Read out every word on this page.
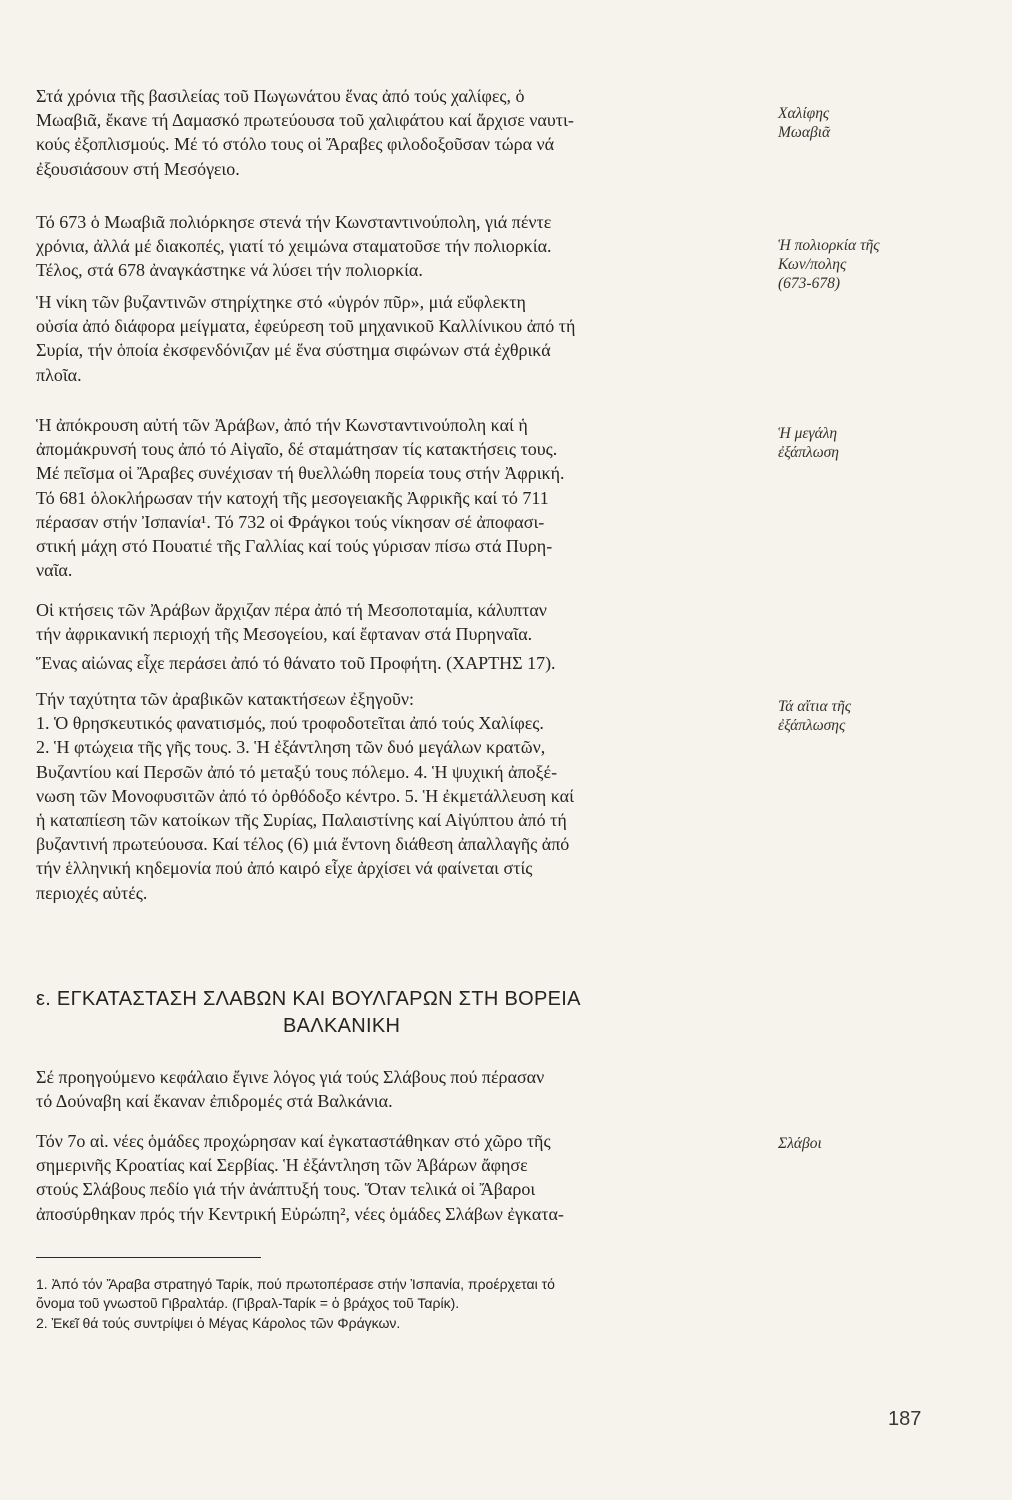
Στά χρόνια τῆς βασιλείας τοῦ Πωγωνάτου ἕνας ἀπό τούς χαλίφες, ὁ
Μωαβιᾶ, ἔκανε τή Δαμασκό πρωτεύουσα τοῦ χαλιφάτου καί ἄρχισε ναυτι-
κούς ἐξοπλισμούς. Μέ τό στόλο τους οἱ Ἄραβες φιλοδοξοῦσαν τώρα νά
ἐξουσιάσουν στή Μεσόγειο.

Τό 673 ὁ Μωαβιᾶ πολιόρκησε στενά τήν Κωνσταντινούπολη, γιά πέντε
χρόνια, ἀλλά μέ διακοπές, γιατί τό χειμώνα σταματοῦσε τήν πολιορκία.
Τέλος, στά 678 ἀναγκάστηκε νά λύσει τήν πολιορκία.

Ἡ νίκη τῶν βυζαντινῶν στηρίχτηκε στό «ὑγρόν πῦρ», μιά εὔφλεκτη
οὐσία ἀπό διάφορα μείγματα, ἐφεύρεση τοῦ μηχανικοῦ Καλλίνικου ἀπό τή
Συρία, τήν ὁποία ἐκσφενδόνιζαν μέ ἕνα σύστημα σιφώνων στά ἐχθρικά
πλοῖα.

Ἡ ἀπόκρουση αὐτή τῶν Ἀράβων, ἀπό τήν Κωνσταντινούπολη καί ἡ
ἀπομάκρυνσή τους ἀπό τό Αἰγαῖο, δέ σταμάτησαν τίς κατακτήσεις τους.
Μέ πεῖσμα οἱ Ἄραβες συνέχισαν τή θυελλώθη πορεία τους στήν Ἀφρική.
Τό 681 ὁλοκλήρωσαν τήν κατοχή τῆς μεσογειακῆς Ἀφρικῆς καί τό 711
πέρασαν στήν Ἰσπανία¹. Τό 732 οἱ Φράγκοι τούς νίκησαν σέ ἀποφασι-
στική μάχη στό Πουατιέ τῆς Γαλλίας καί τούς γύρισαν πίσω στά Πυρη-
ναῖα.

Οἱ κτήσεις τῶν Ἀράβων ἄρχιζαν πέρα ἀπό τή Μεσοποταμία, κάλυπταν
τήν ἀφρικανική περιοχή τῆς Μεσογείου, καί ἔφταναν στά Πυρηναῖα.

Ἕνας αἰώνας εἶχε περάσει ἀπό τό θάνατο τοῦ Προφήτη. (ΧΑΡΤΗΣ 17).

Τήν ταχύτητα τῶν ἀραβικῶν κατακτήσεων ἐξηγοῦν:
1. Ὁ θρησκευτικός φανατισμός, πού τροφοδοτεῖται ἀπό τούς Χαλίφες.
2. Ἡ φτώχεια τῆς γῆς τους. 3. Ἡ ἐξάντληση τῶν δυό μεγάλων κρατῶν,
Βυζαντίου καί Περσῶν ἀπό τό μεταξύ τους πόλεμο. 4. Ἡ ψυχική ἀποξέ-
νωση τῶν Μονοφυσιτῶν ἀπό τό ὀρθόδοξο κέντρο. 5. Ἡ ἐκμετάλλευση καί
ἡ καταπίεση τῶν κατοίκων τῆς Συρίας, Παλαιστίνης καί Αἰγύπτου ἀπό τή
βυζαντινή πρωτεύουσα. Καί τέλος (6) μιά ἔντονη διάθεση ἀπαλλαγῆς ἀπό
τήν ἑλληνική κηδεμονία πού ἀπό καιρό εἶχε ἀρχίσει νά φαίνεται στίς
περιοχές αὐτές.

ε. ΕΓΚΑΤΑΣΤΑΣΗ ΣΛΑΒΩΝ ΚΑΙ ΒΟΥΛΓΑΡΩΝ ΣΤΗ ΒΟΡΕΙΑ
ΒΑΛΚΑΝΙΚΗ

Σέ προηγούμενο κεφάλαιο ἔγινε λόγος γιά τούς Σλάβους πού πέρασαν
τό Δούναβη καί ἔκαναν ἐπιδρομές στά Βαλκάνια.

Τόν 7ο αἰ. νέες ὁμάδες προχώρησαν καί ἐγκαταστάθηκαν στό χῶρο τῆς
σημερινῆς Κροατίας καί Σερβίας. Ἡ ἐξάντληση τῶν Ἀβάρων ἄφησε
στούς Σλάβους πεδίο γιά τήν ἀνάπτυξή τους. Ὅταν τελικά οἱ Ἄβαροι
ἀποσύρθηκαν πρός τήν Κεντρική Εὐρώπη², νέες ὁμάδες Σλάβων ἐγκατα-

Χαλίφης
Μωαβιᾶ

Ἡ πολιορκία τῆς
Κων/πολης
(673-678)

Ἡ μεγάλη
ἐξάπλωση

Τά αἴτια τῆς
ἐξάπλωσης

Σλάβοι

1. Ἀπό τόν Ἄραβα στρατηγό Ταρίκ, πού πρωτοπέρασε στήν Ἰσπανία, προέρχεται τό
ὄνομα τοῦ γνωστοῦ Γιβραλτάρ. (Γιβραλ-Ταρίκ = ὁ βράχος τοῦ Ταρίκ).

2. Ἐκεῖ θά τούς συντρίψει ὁ Μέγας Κάρολος τῶν Φράγκων.

187
